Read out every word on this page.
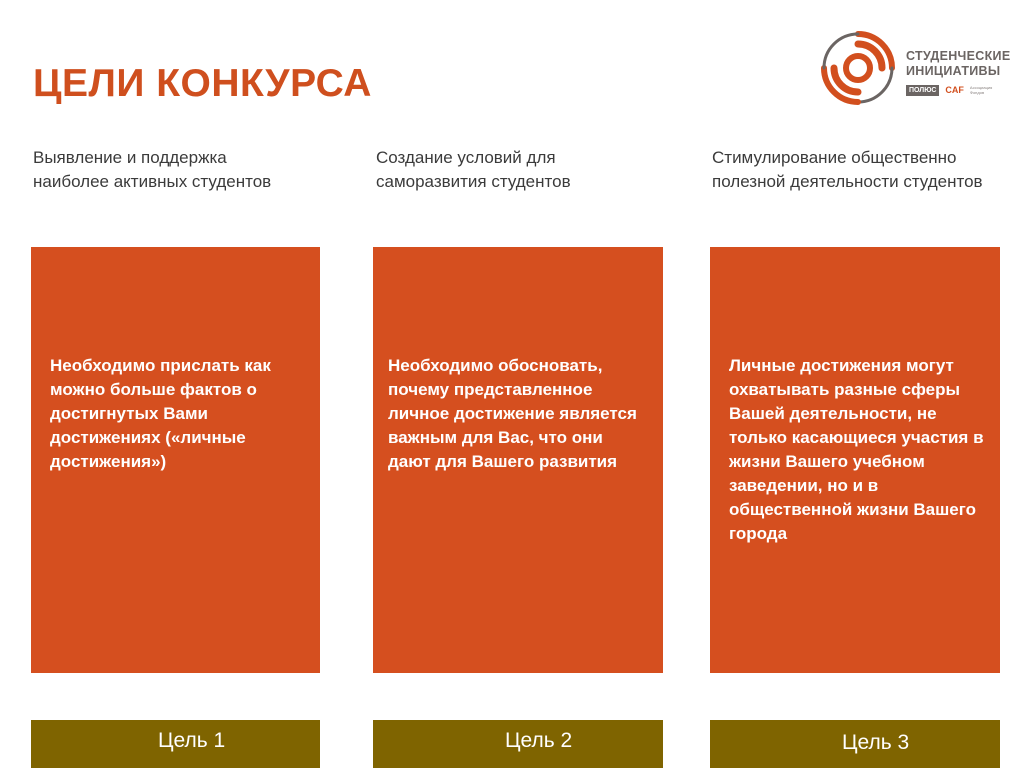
ЦЕЛИ КОНКУРСА
СТУДЕНЧЕСКИЕ
ИНИЦИАТИВЫ
ПОЛЮС	CAF Ассоциация Фондов
Выявление и поддержка наиболее активных студентов
Необходимо прислать как можно больше фактов о достигнутых Вами достижениях («личные достижения»)
Цель 1
Создание условий для саморазвития студентов
Необходимо обосновать, почему представленное личное достижение является важным для Вас, что они дают для Вашего развития
Цель 2
Стимулирование общественно полезной деятельности студентов
Личные достижения могут охватывать разные сферы Вашей деятельности, не только касающиеся участия в жизни Вашего учебном заведении, но и в общественной жизни Вашего города
Цель 3
